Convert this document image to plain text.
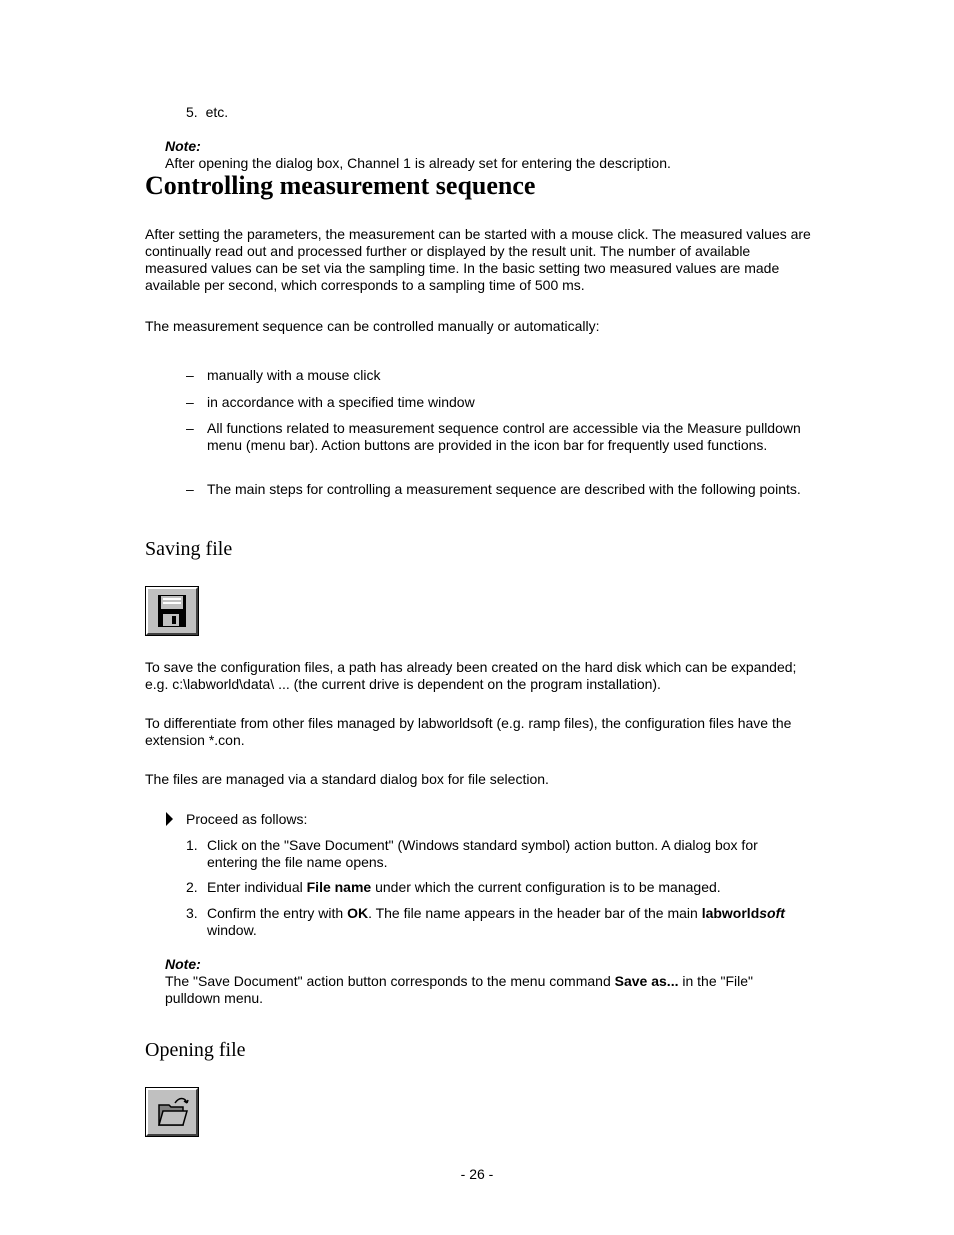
5. etc.

Note:

After opening the dialog box, Channel 1 is already set for entering the description.

Controlling measurement sequence

After setting the parameters, the measurement can be started with a mouse click. The measured values are continually read out and processed further or displayed by the result unit. The number of available measured values can be set via the sampling time. In the basic setting two measured values are made available per second, which corresponds to a sampling time of 500 ms.

The measurement sequence can be controlled manually or automatically:

– manually with a mouse click
– in accordance with a specified time window
– All functions related to measurement sequence control are accessible via the Measure pulldown menu (menu bar). Action buttons are provided in the icon bar for frequently used functions.
– The main steps for controlling a measurement sequence are described with the following points.
Saving file

To save the configuration files, a path has already been created on the hard disk which can be expanded; e.g. c:\labworld\data\ ... (the current drive is dependent on the program installation).

To differentiate from other files managed by labworldsoft (e.g. ramp files), the configuration files have the extension *.con.

The files are managed via a standard dialog box for file selection.

Proceed as follows:

1. Click on the "Save Document" (Windows standard symbol) action button. A dialog box for entering the file name opens.
2. Enter individual File name under which the current configuration is to be managed.
3. Confirm the entry with OK. The file name appears in the header bar of the main labworldsoft window.

Note:

The "Save Document" action button corresponds to the menu command Save as... in the "File" pulldown menu.

Opening file
- 26 -
